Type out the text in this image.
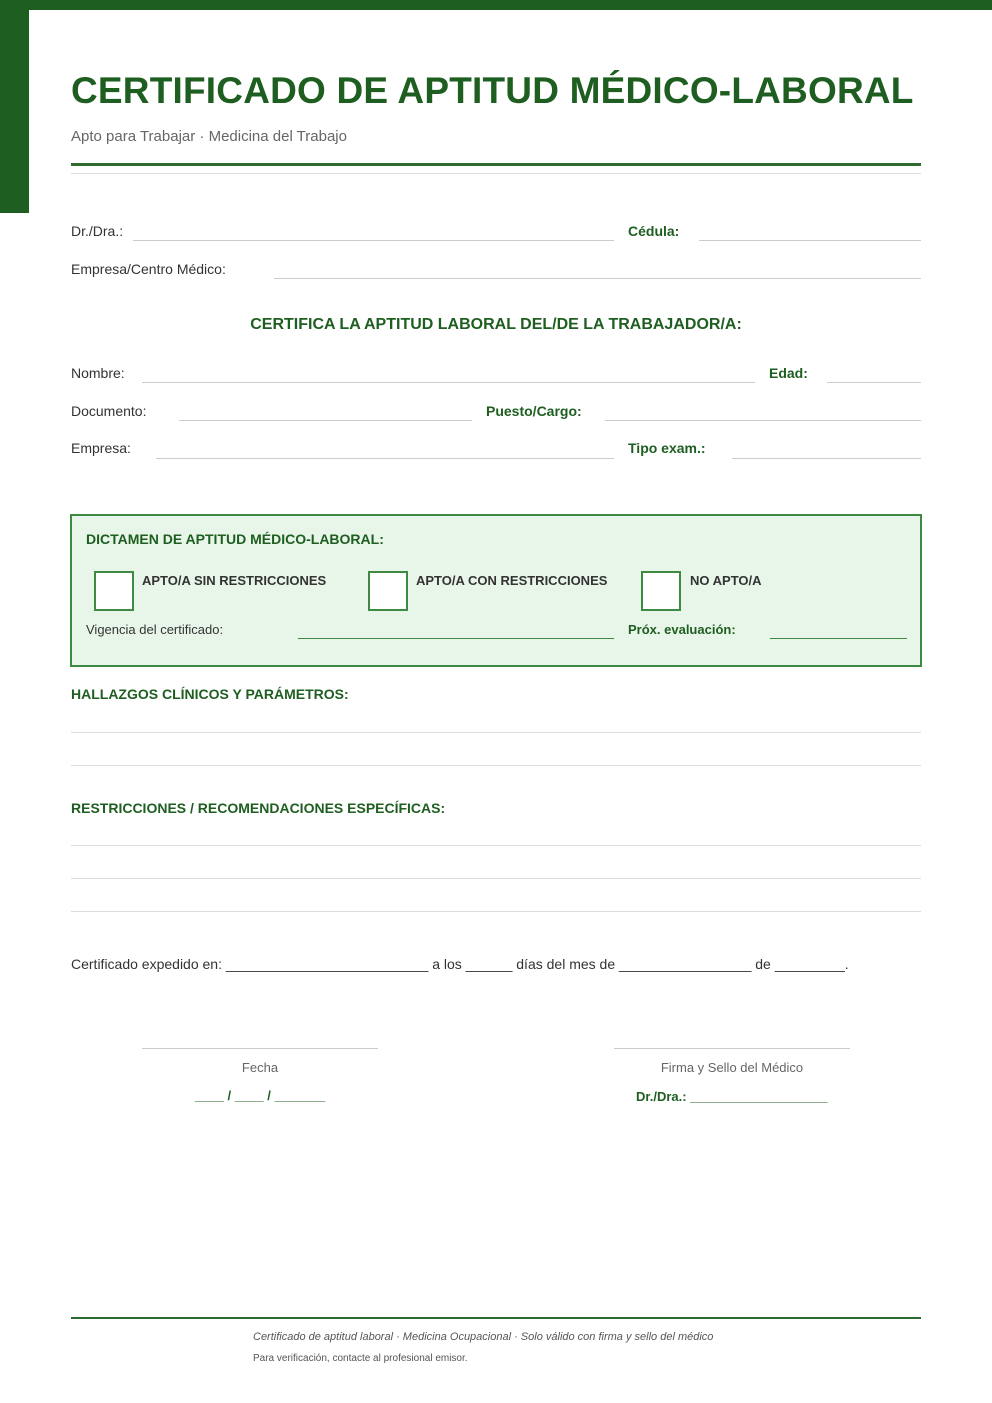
CERTIFICADO DE APTITUD MÉDICO-LABORAL
Apto para Trabajar · Medicina del Trabajo
Dr./Dra.:	Cédula:
Empresa/Centro Médico:
CERTIFICA LA APTITUD LABORAL DEL/DE LA TRABAJADOR/A:
Nombre:	Edad:
Documento:	Puesto/Cargo:
Empresa:	Tipo exam.:
DICTAMEN DE APTITUD MÉDICO-LABORAL:
APTO/A SIN RESTRICCIONES	APTO/A CON RESTRICCIONES	NO APTO/A
Vigencia del certificado:	Próx. evaluación:
HALLAZGOS CLÍNICOS Y PARÁMETROS:
RESTRICCIONES / RECOMENDACIONES ESPECÍFICAS:
Certificado expedido en: __________________________ a los ______ días del mes de _________________ de _________.
Fecha
____ / ____ / _______
Firma y Sello del Médico
Dr./Dra.: ___________________
Certificado de aptitud laboral · Medicina Ocupacional · Solo válido con firma y sello del médico
Para verificación, contacte al profesional emisor.
